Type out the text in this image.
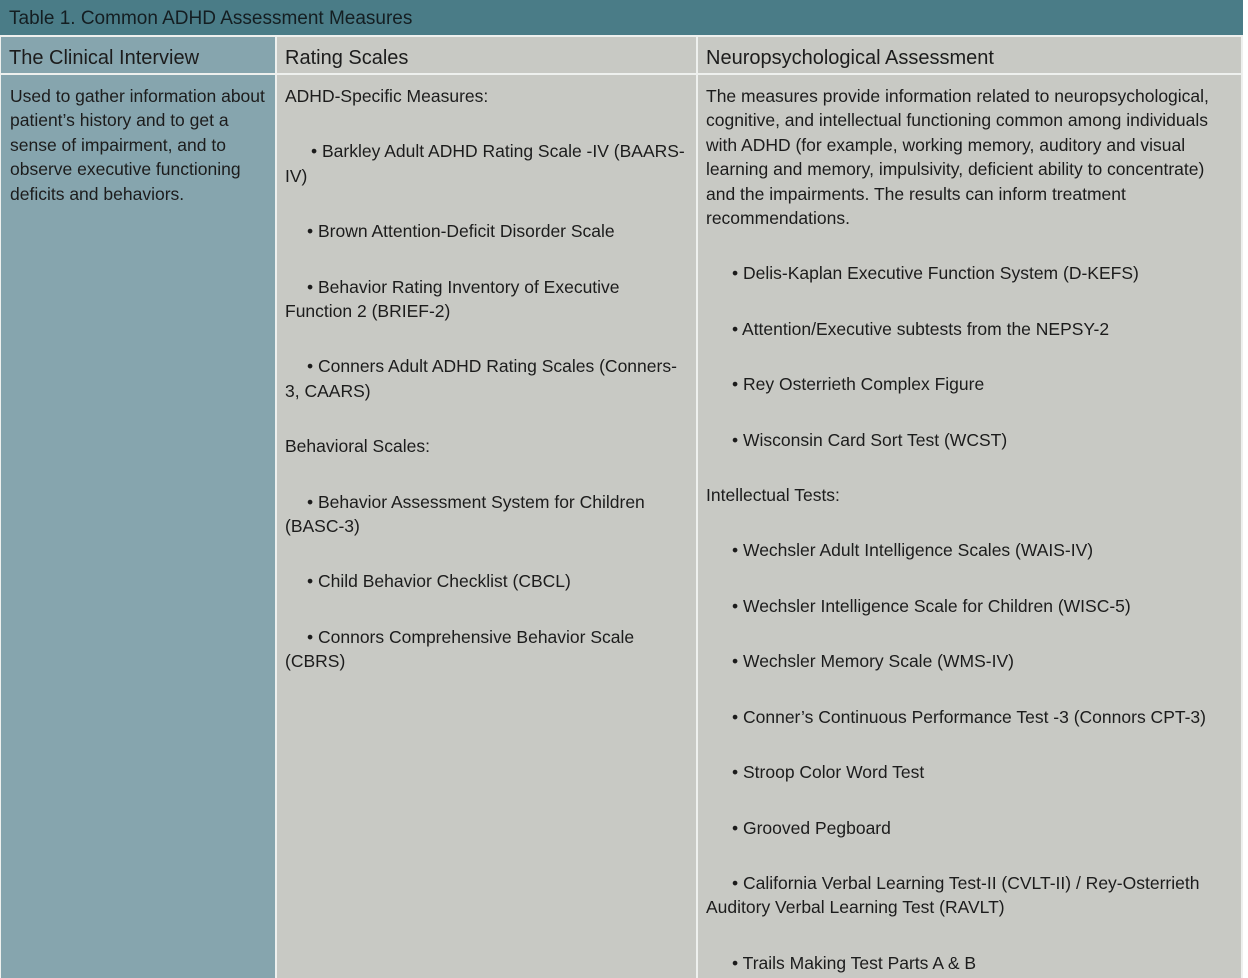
Table 1. Common ADHD Assessment Measures
The Clinical Interview	Rating Scales	Neuropsychological Assessment

Used to gather information about patient’s history and to get a sense of impairment, and to observe executive functioning deficits and behaviors.

ADHD-Specific Measures:

• Barkley Adult ADHD Rating Scale -IV (BAARS-IV)

• Brown Attention-Deficit Disorder Scale

• Behavior Rating Inventory of Executive Function 2 (BRIEF-2)

• Conners Adult ADHD Rating Scales (Conners-3, CAARS)

Behavioral Scales:

• Behavior Assessment System for Children (BASC-3)

• Child Behavior Checklist (CBCL)

• Connors Comprehensive Behavior Scale (CBRS)

The measures provide information related to neuropsychological, cognitive, and intellectual functioning common among individuals with ADHD (for example, working memory, auditory and visual learning and memory, impulsivity, deficient ability to concentrate) and the impairments. The results can inform treatment recommendations.

• Delis-Kaplan Executive Function System (D-KEFS)

• Attention/Executive subtests from the NEPSY-2

• Rey Osterrieth Complex Figure

• Wisconsin Card Sort Test (WCST)

Intellectual Tests:

• Wechsler Adult Intelligence Scales (WAIS-IV)

• Wechsler Intelligence Scale for Children (WISC-5)

• Wechsler Memory Scale (WMS-IV)

• Conner’s Continuous Performance Test -3 (Connors CPT-3)

• Stroop Color Word Test

• Grooved Pegboard

• California Verbal Learning Test-II (CVLT-II) / Rey-Osterrieth Auditory Verbal Learning Test (RAVLT)

• Trails Making Test Parts A & B
